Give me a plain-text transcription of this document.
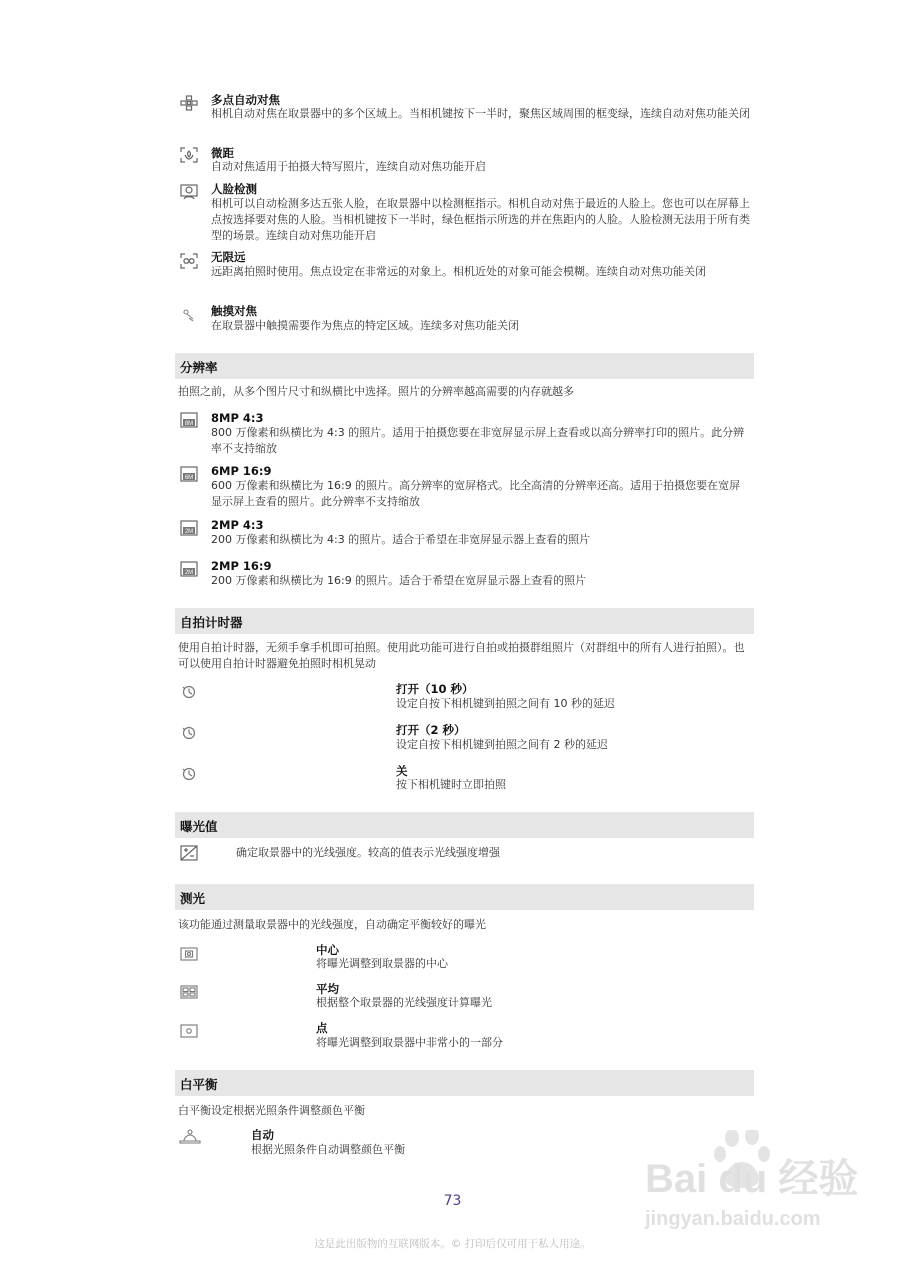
多点自动对焦
相机自动对焦在取景器中的多个区域上。当相机键按下一半时，聚焦区域周围的框变绿，连续自动对焦功能关闭
微距
自动对焦适用于拍摄大特写照片，连续自动对焦功能开启
人脸检测
相机可以自动检测多达五张人脸，在取景器中以检测框指示。相机自动对焦于最近的人脸上。您也可以在屏幕上点按选择要对焦的人脸。当相机键按下一半时，绿色框指示所选的并在焦距内的人脸。人脸检测无法用于所有类型的场景。连续自动对焦功能开启
无限远
远距离拍照时使用。焦点设定在非常远的对象上。相机近处的对象可能会模糊。连续自动对焦功能关闭
触摸对焦
在取景器中触摸需要作为焦点的特定区域。连续多对焦功能关闭
分辨率
拍照之前，从多个图片尺寸和纵横比中选择。照片的分辨率越高需要的内存就越多
8M 8MP 4:3
800 万像素和纵横比为 4:3 的照片。适用于拍摄您要在非宽屏显示屏上查看或以高分辨率打印的照片。此分辨率不支持缩放
6M 6MP 16:9
600 万像素和纵横比为 16:9 的照片。高分辨率的宽屏格式。比全高清的分辨率还高。适用于拍摄您要在宽屏显示屏上查看的照片。此分辨率不支持缩放
2M 2MP 4:3
200 万像素和纵横比为 4:3 的照片。适合于希望在非宽屏显示器上查看的照片
2M 2MP 16:9
200 万像素和纵横比为 16:9 的照片。适合于希望在宽屏显示器上查看的照片
自拍计时器
使用自拍计时器，无须手拿手机即可拍照。使用此功能可进行自拍或拍摄群组照片（对群组中的所有人进行拍照）。也可以使用自拍计时器避免拍照时相机晃动
打开（10 秒）
设定自按下相机键到拍照之间有 10 秒的延迟
打开（2 秒）
设定自按下相机键到拍照之间有 2 秒的延迟
关
按下相机键时立即拍照
曝光值
确定取景器中的光线强度。较高的值表示光线强度增强
测光
该功能通过测量取景器中的光线强度，自动确定平衡较好的曝光
中心
将曝光调整到取景器的中心
平均
根据整个取景器的光线强度计算曝光
点
将曝光调整到取景器中非常小的一部分
白平衡
白平衡设定根据光照条件调整颜色平衡
自动
根据光照条件自动调整颜色平衡
Bai du 经验
jingyan.baidu.com
73
这是此出版物的互联网版本。© 打印后仅可用于私人用途。
